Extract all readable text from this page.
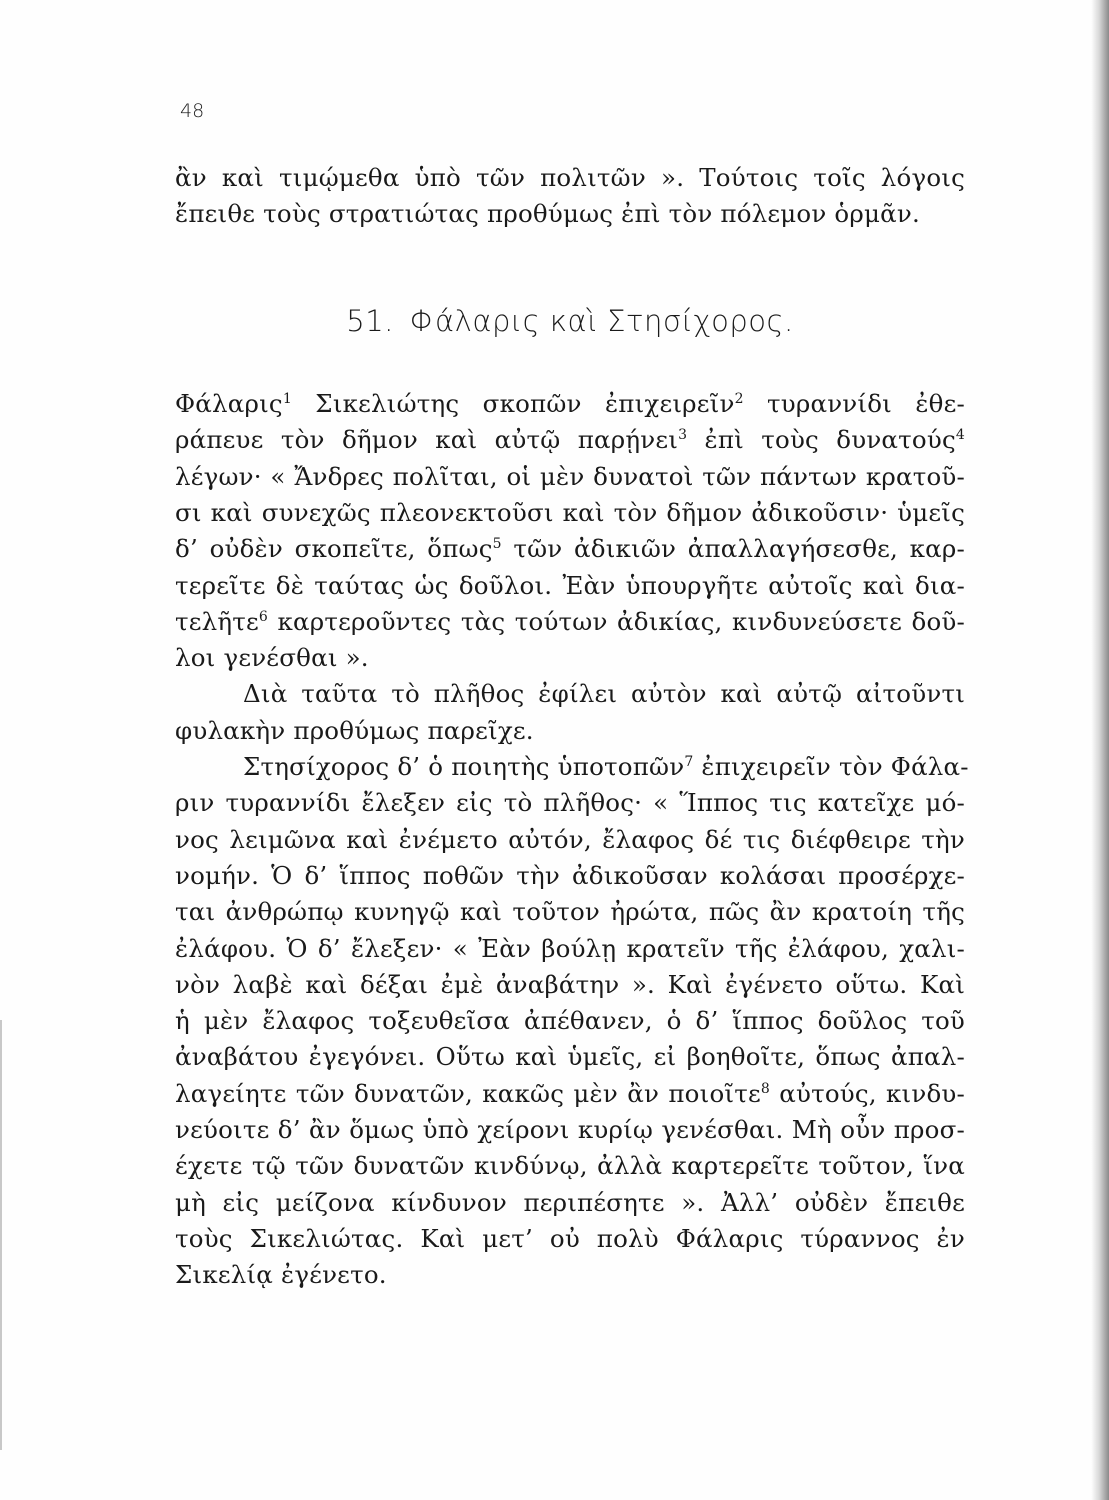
48
ἂν καὶ τιμῴμεθα ὑπὸ τῶν πολιτῶν ». Τούτοις τοῖς λόγοις
ἔπειθε τοὺς στρατιώτας προθύμως ἐπὶ τὸν πόλεμον ὁρμᾶν.
51. Φάλαρις καὶ Στησίχορος.
Φάλαρις$^1$ Σικελιώτης σκοπῶν ἐπιχειρεῖν$^2$ τυραννίδι ἐθε-
ράπευε τὸν δῆμον καὶ αὐτῷ παρῄνει$^3$ ἐπὶ τοὺς δυνατούς$^4$
λέγων· « Ἄνδρες πολῖται, οἱ μὲν δυνατοὶ τῶν πάντων κρατοῦ-
σι καὶ συνεχῶς πλεονεκτοῦσι καὶ τὸν δῆμον ἀδικοῦσιν· ὑμεῖς
δ’ οὐδὲν σκοπεῖτε, ὅπως$^5$ τῶν ἀδικιῶν ἀπαλλαγήσεσθε, καρ-
τερεῖτε δὲ ταύτας ὡς δοῦλοι. Ἐὰν ὑπουργῆτε αὐτοῖς καὶ δια-
τελῆτε$^6$ καρτεροῦντες τὰς τούτων ἀδικίας, κινδυνεύσετε δοῦ-
λοι γενέσθαι ».
Διὰ ταῦτα τὸ πλῆθος ἐφίλει αὐτὸν καὶ αὐτῷ αἰτοῦντι
φυλακὴν προθύμως παρεῖχε.
Στησίχορος δ’ ὁ ποιητὴς ὑποτοπῶν$^7$ ἐπιχειρεῖν τὸν Φάλα-
ριν τυραννίδι ἔλεξεν εἰς τὸ πλῆθος· « Ἵππος τις κατεῖχε μό-
νος λειμῶνα καὶ ἐνέμετο αὐτόν, ἔλαφος δέ τις διέφθειρε τὴν
νομήν. Ὁ δ’ ἵππος ποθῶν τὴν ἀδικοῦσαν κολάσαι προσέρχε-
ται ἀνθρώπῳ κυνηγῷ καὶ τοῦτον ἠρώτα, πῶς ἂν κρατοίη τῆς
ἐλάφου. Ὁ δ’ ἔλεξεν· « Ἐὰν βούλῃ κρατεῖν τῆς ἐλάφου, χαλι-
νὸν λαβὲ καὶ δέξαι ἐμὲ ἀναβάτην ». Καὶ ἐγένετο οὕτω. Καὶ
ἡ μὲν ἔλαφος τοξευθεῖσα ἀπέθανεν, ὁ δ’ ἵππος δοῦλος τοῦ
ἀναβάτου ἐγεγόνει. Οὕτω καὶ ὑμεῖς, εἰ βοηθοῖτε, ὅπως ἀπαλ-
λαγείητε τῶν δυνατῶν, κακῶς μὲν ἂν ποιοῖτε$^8$ αὐτούς, κινδυ-
νεύοιτε δ’ ἂν ὅμως ὑπὸ χείρονι κυρίῳ γενέσθαι. Μὴ οὖν προσ-
έχετε τῷ τῶν δυνατῶν κινδύνῳ, ἀλλὰ καρτερεῖτε τοῦτον, ἵνα
μὴ εἰς μείζονα κίνδυνον περιπέσητε ». Ἀλλ’ οὐδὲν ἔπειθε
τοὺς Σικελιώτας. Καὶ μετ’ οὐ πολὺ Φάλαρις τύραννος ἐν
Σικελίᾳ ἐγένετο.
